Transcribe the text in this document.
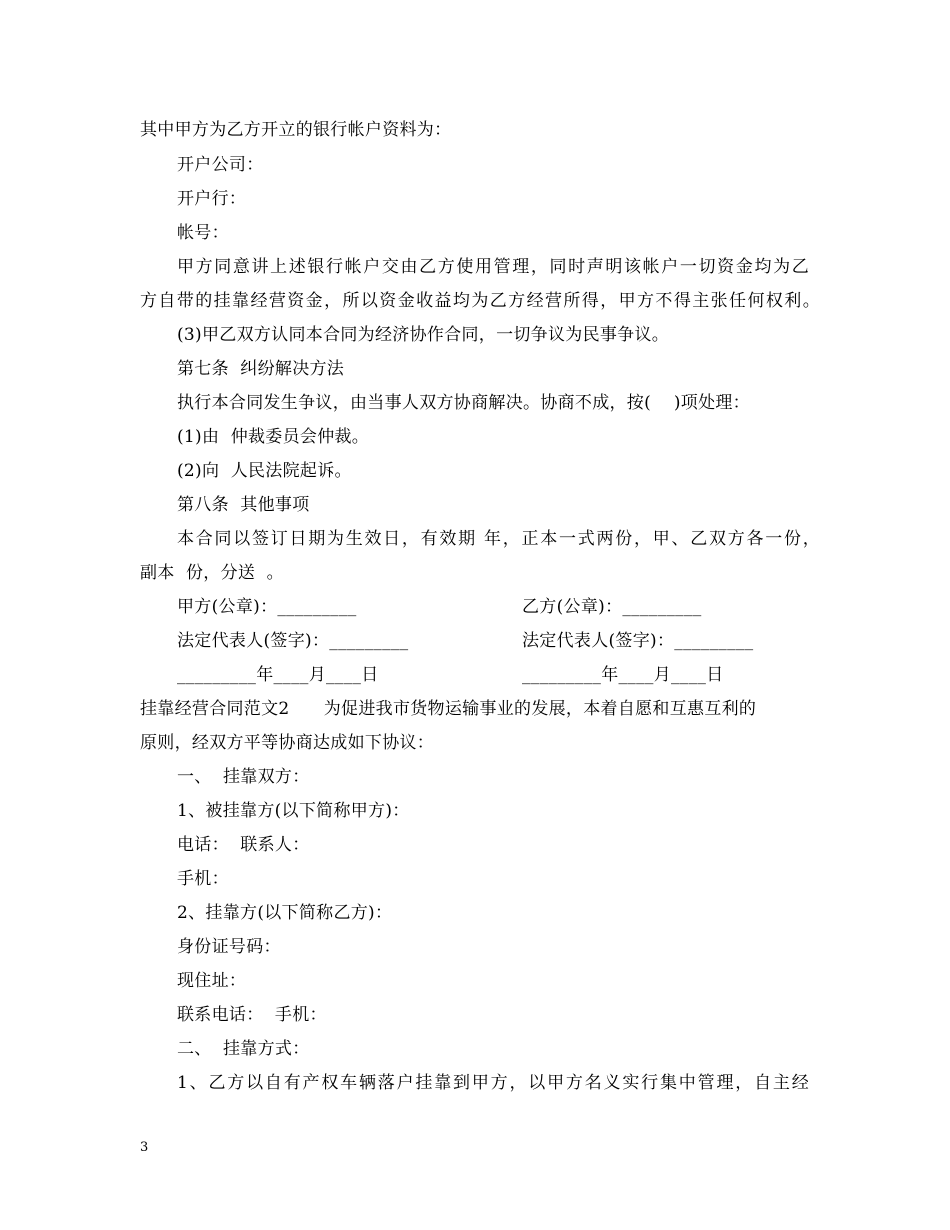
其中甲方为乙方开立的银行帐户资料为：
开户公司：
开户行：
帐号：
甲方同意讲上述银行帐户交由乙方使用管理，同时声明该帐户一切资金均为乙
方自带的挂靠经营资金，所以资金收益均为乙方经营所得，甲方不得主张任何权利。
(3)甲乙双方认同本合同为经济协作合同，一切争议为民事争议。
第七条  纠纷解决方法
执行本合同发生争议，由当事人双方协商解决。协商不成，按(    )项处理：
(1)由  仲裁委员会仲裁。
(2)向  人民法院起诉。
第八条  其他事项
本合同以签订日期为生效日，有效期 年，正本一式两份，甲、乙双方各一份，
副本  份，分送  。
甲方(公章)：_________	乙方(公章)：_________
法定代表人(签字)：_________	法定代表人(签字)：_________
_________年____月____日	_________年____月____日
挂靠经营合同范文2      为促进我市货物运输事业的发展，本着自愿和互惠互利的
原则，经双方平等协商达成如下协议：
一、  挂靠双方：
1、被挂靠方(以下简称甲方)：
电话：  联系人：
手机：
2、挂靠方(以下简称乙方)：
身份证号码：
现住址：
联系电话：  手机：
二、  挂靠方式：
1、乙方以自有产权车辆落户挂靠到甲方，以甲方名义实行集中管理，自主经
3
